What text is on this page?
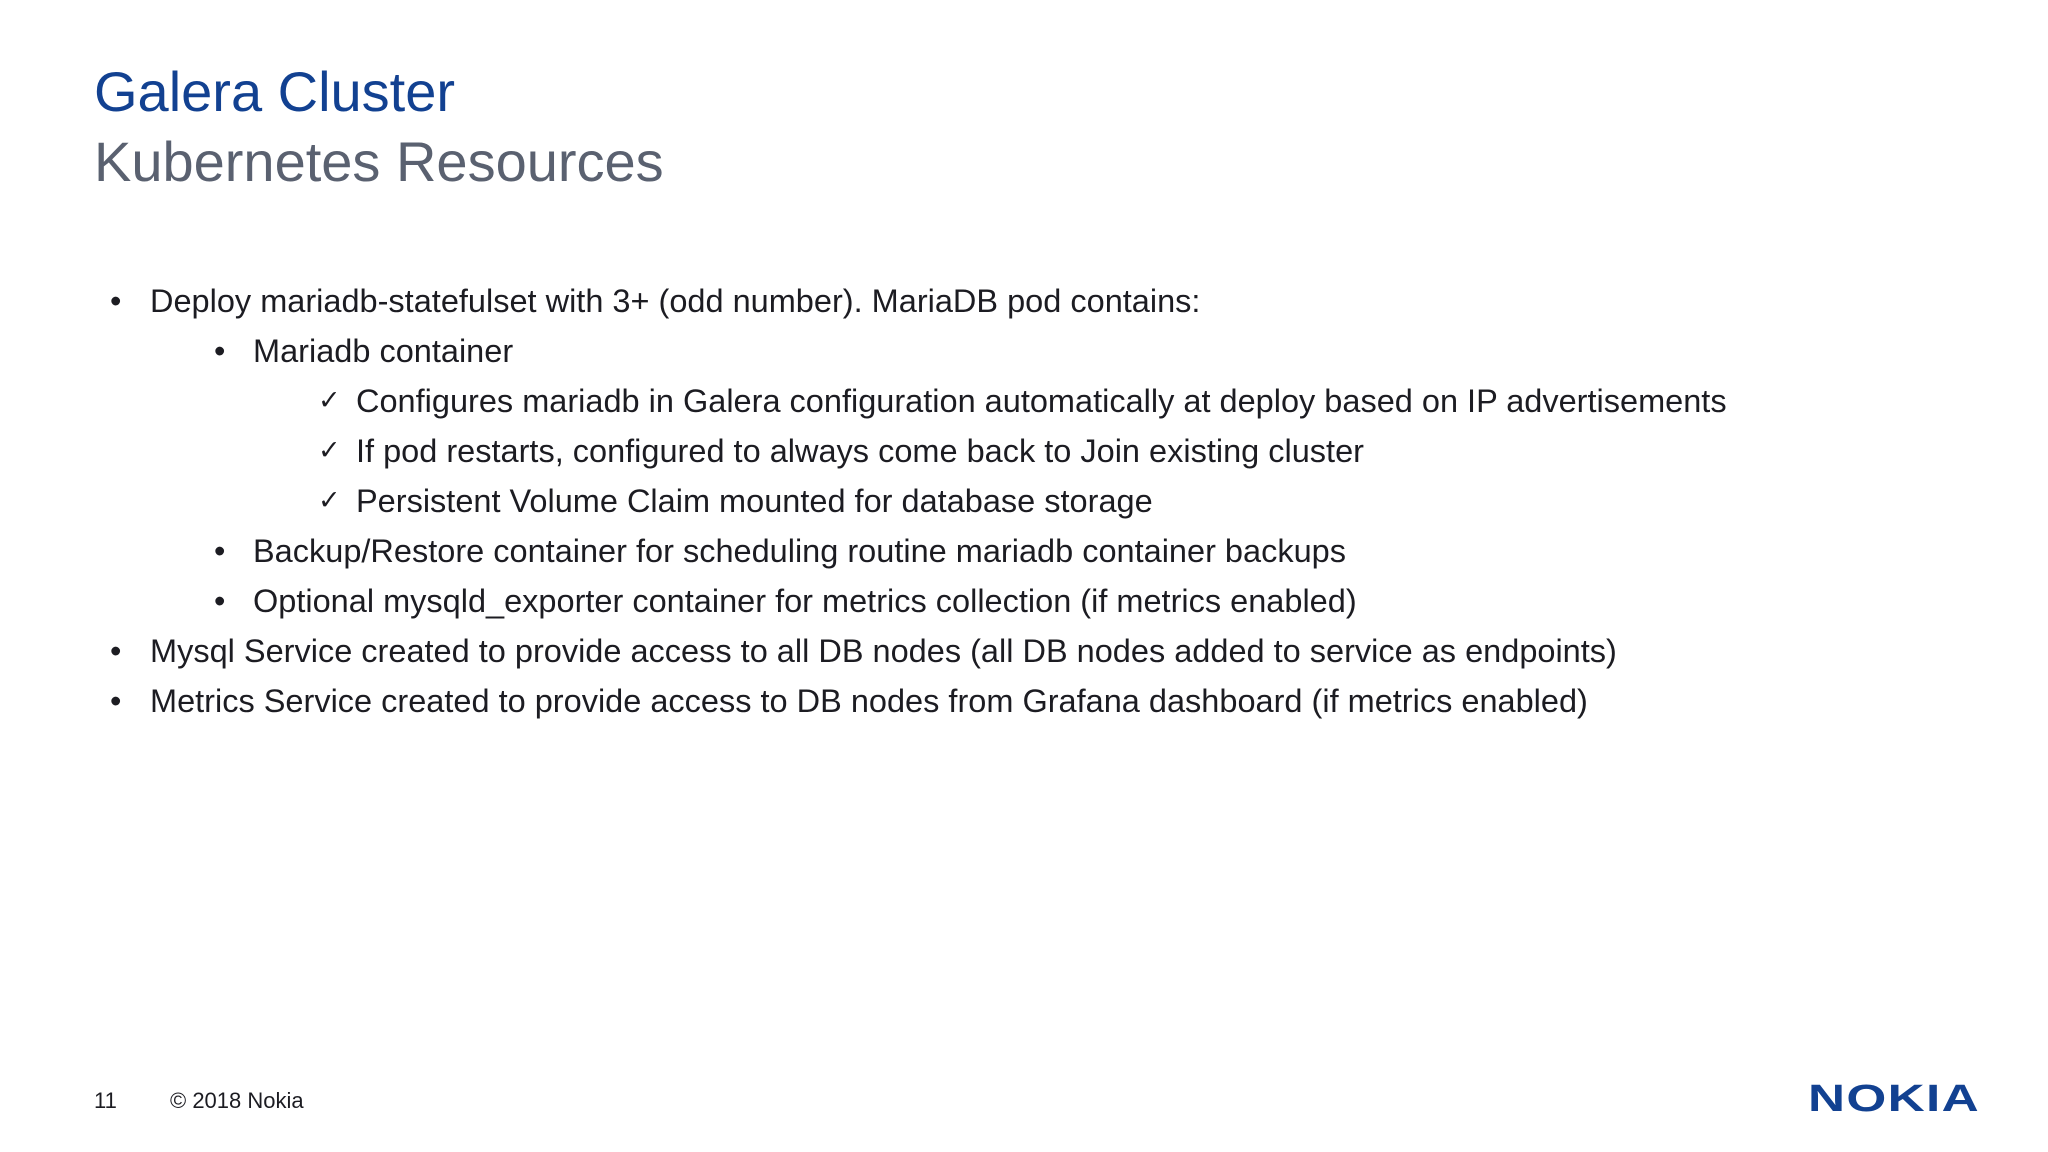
Galera Cluster
Kubernetes Resources
• Deploy mariadb-statefulset with 3+ (odd number). MariaDB pod contains:
• Mariadb container
✓ Configures mariadb in Galera configuration automatically at deploy based on IP advertisements
✓ If pod restarts, configured to always come back to Join existing cluster
✓ Persistent Volume Claim mounted for database storage
• Backup/Restore container for scheduling routine mariadb container backups
• Optional mysqld_exporter container for metrics collection (if metrics enabled)
• Mysql Service created to provide access to all DB nodes (all DB nodes added to service as endpoints)
• Metrics Service created to provide access to DB nodes from Grafana dashboard (if metrics enabled)
11 © 2018 Nokia	NOKIA
